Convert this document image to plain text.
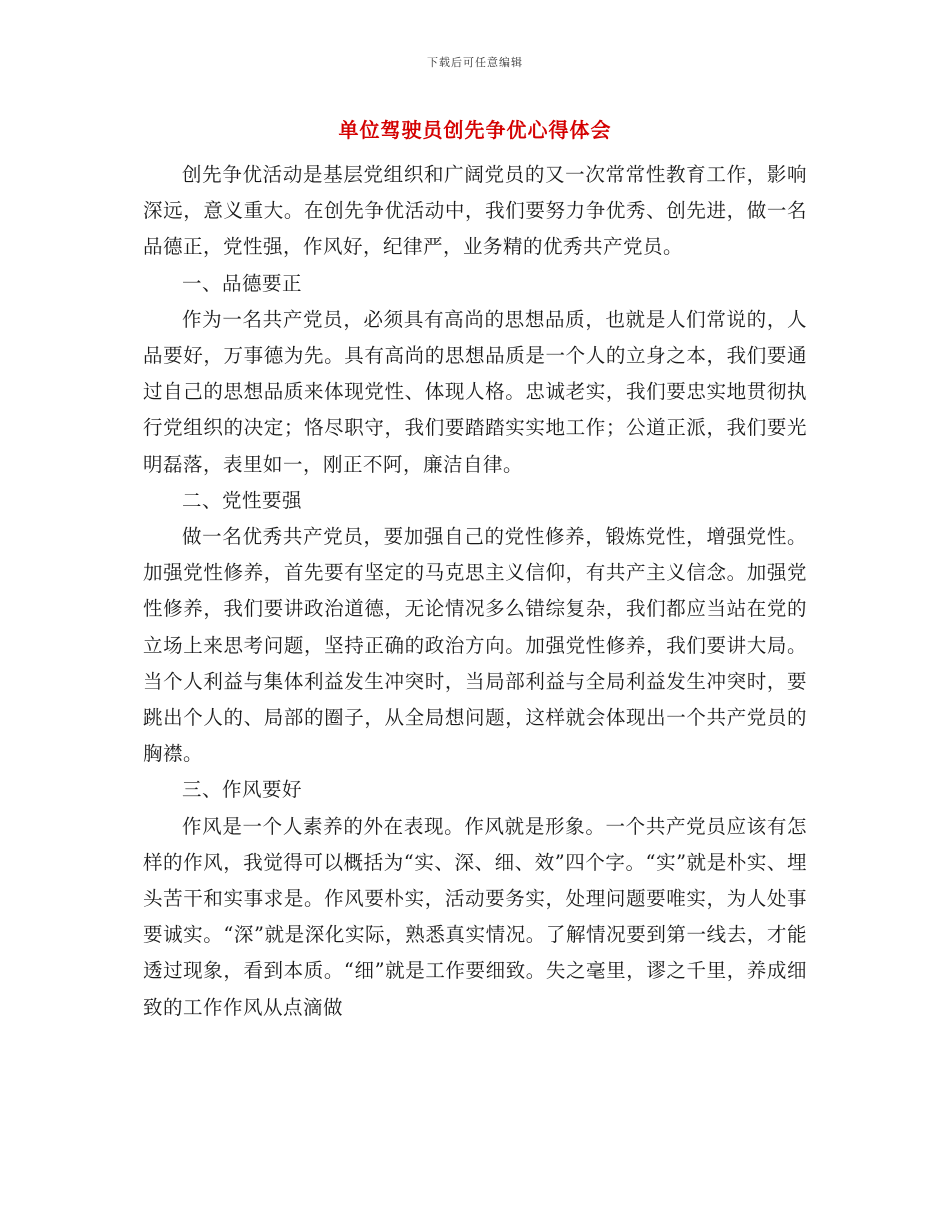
下载后可任意编辑
单位驾驶员创先争优心得体会

创先争优活动是基层党组织和广阔党员的又一次常常性教育工作，影响深远，意义重大。在创先争优活动中，我们要努力争优秀、创先进，做一名品德正，党性强，作风好，纪律严，业务精的优秀共产党员。

一、品德要正

作为一名共产党员，必须具有高尚的思想品质，也就是人们常说的，人品要好，万事德为先。具有高尚的思想品质是一个人的立身之本，我们要通过自己的思想品质来体现党性、体现人格。忠诚老实，我们要忠实地贯彻执行党组织的决定；恪尽职守，我们要踏踏实实地工作；公道正派，我们要光明磊落，表里如一，刚正不阿，廉洁自律。

二、党性要强

做一名优秀共产党员，要加强自己的党性修养，锻炼党性，增强党性。加强党性修养，首先要有坚定的马克思主义信仰，有共产主义信念。加强党性修养，我们要讲政治道德，无论情况多么错综复杂，我们都应当站在党的立场上来思考问题，坚持正确的政治方向。加强党性修养，我们要讲大局。当个人利益与集体利益发生冲突时，当局部利益与全局利益发生冲突时，要跳出个人的、局部的圈子，从全局想问题，这样就会体现出一个共产党员的胸襟。

三、作风要好

作风是一个人素养的外在表现。作风就是形象。一个共产党员应该有怎样的作风，我觉得可以概括为“实、深、细、效”四个字。“实”就是朴实、埋头苦干和实事求是。作风要朴实，活动要务实，处理问题要唯实，为人处事要诚实。“深”就是深化实际，熟悉真实情况。了解情况要到第一线去，才能透过现象，看到本质。“细”就是工作要细致。失之毫里，谬之千里，养成细致的工作作风从点滴做
